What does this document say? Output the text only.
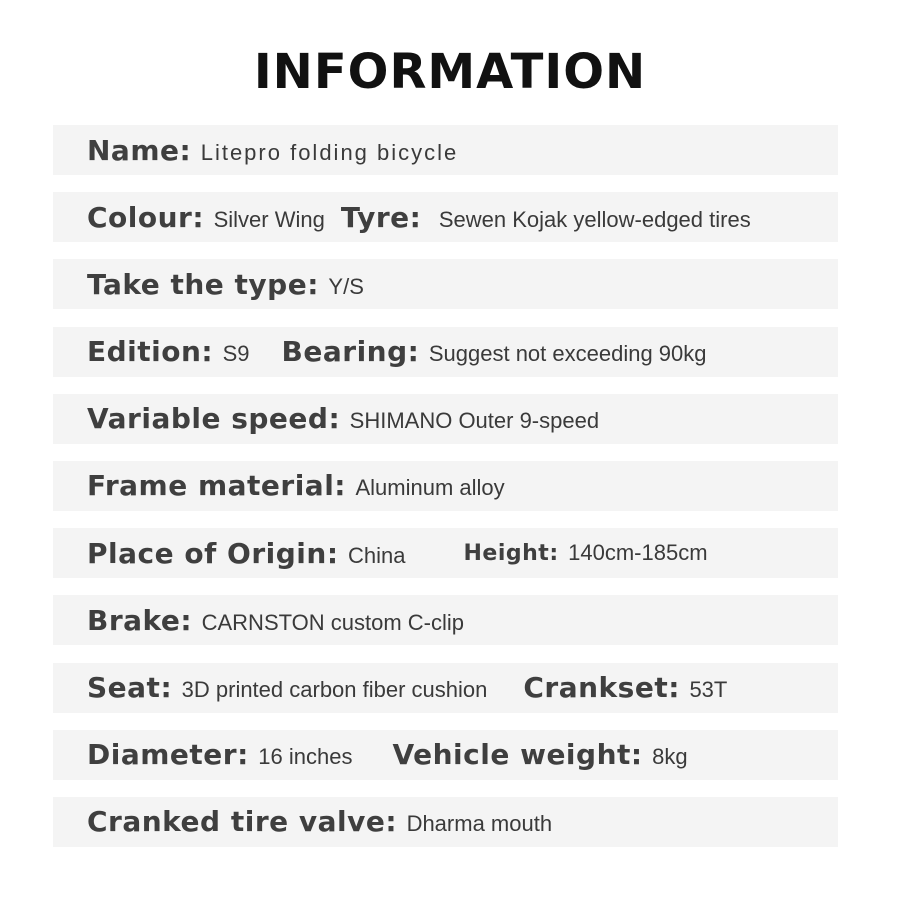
INFORMATION
Name : Litepro folding bicycle
Colour : Silver Wing Tyre : Sewen Kojak yellow-edged tires
Take the type : Y/S
Edition : S9 Bearing : Suggest not exceeding 90kg
Variable speed : SHIMANO Outer 9-speed
Frame material : Aluminum alloy
Place of Origin : China	Height : 140cm-185cm
Brake : CARNSTON custom C-clip
Seat : 3D printed carbon fiber cushion Crankset : 53T
Diameter : 16 inches Vehicle weight : 8kg
Cranked tire valve : Dharma mouth
